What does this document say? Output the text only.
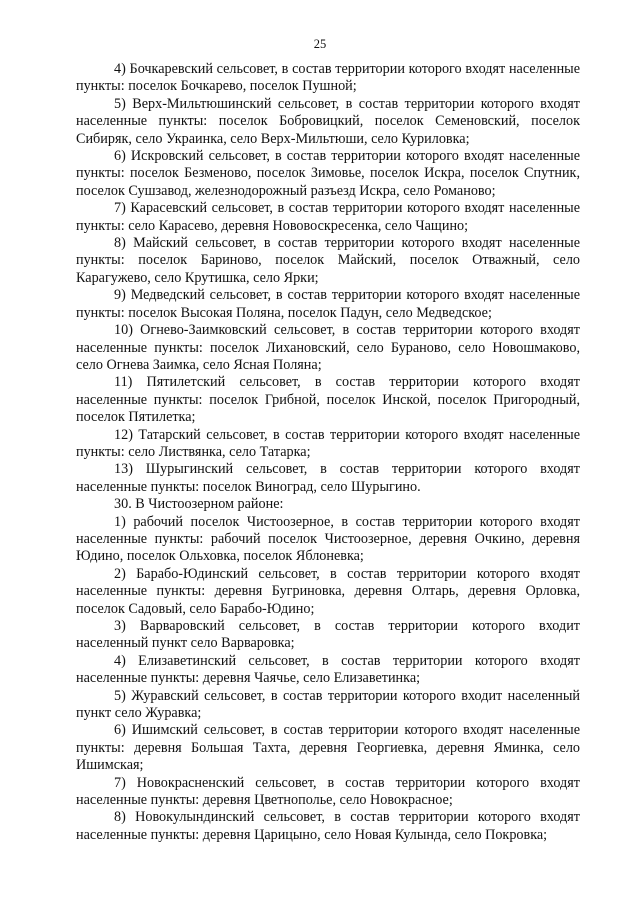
25

4) Бочкаревский сельсовет, в состав территории которого входят населенные пункты: поселок Бочкарево, поселок Пушной;

5) Верх-Мильтюшинский сельсовет, в состав территории которого входят населенные пункты: поселок Бобровицкий, поселок Семеновский, поселок Сибиряк, село Украинка, село Верх-Мильтюши, село Куриловка;

6) Искровский сельсовет, в состав территории которого входят населенные пункты: поселок Безменово, поселок Зимовье, поселок Искра, поселок Спутник, поселок Сушзавод, железнодорожный разъезд Искра, село Романово;

7) Карасевский сельсовет, в состав территории которого входят населенные пункты: село Карасево, деревня Нововоскресенка, село Чащино;

8) Майский сельсовет, в состав территории которого входят населенные пункты: поселок Бариново, поселок Майский, поселок Отважный, село Карагужево, село Крутишка, село Ярки;

9) Медведский сельсовет, в состав территории которого входят населенные пункты: поселок Высокая Поляна, поселок Падун, село Медведское;

10) Огнево-Заимковский сельсовет, в состав территории которого входят населенные пункты: поселок Лихановский, село Бураново, село Новошмаково, село Огнева Заимка, село Ясная Поляна;

11) Пятилетский сельсовет, в состав территории которого входят населенные пункты: поселок Грибной, поселок Инской, поселок Пригородный, поселок Пятилетка;

12) Татарский сельсовет, в состав территории которого входят населенные пункты: село Листвянка, село Татарка;

13) Шурыгинский сельсовет, в состав территории которого входят населенные пункты: поселок Виноград, село Шурыгино.

30. В Чистоозерном районе:

1) рабочий поселок Чистоозерное, в состав территории которого входят населенные пункты: рабочий поселок Чистоозерное, деревня Очкино, деревня Юдино, поселок Ольховка, поселок Яблоневка;

2) Барабо-Юдинский сельсовет, в состав территории которого входят населенные пункты: деревня Бугриновка, деревня Олтарь, деревня Орловка, поселок Садовый, село Барабо-Юдино;

3) Варваровский сельсовет, в состав территории которого входит населенный пункт село Варваровка;

4) Елизаветинский сельсовет, в состав территории которого входят населенные пункты: деревня Чаячье, село Елизаветинка;

5) Журавский сельсовет, в состав территории которого входит населенный пункт село Журавка;

6) Ишимский сельсовет, в состав территории которого входят населенные пункты: деревня Большая Тахта, деревня Георгиевка, деревня Яминка, село Ишимская;

7) Новокрасненский сельсовет, в состав территории которого входят населенные пункты: деревня Цветнополье, село Новокрасное;

8) Новокулындинский сельсовет, в состав территории которого входят населенные пункты: деревня Царицыно, село Новая Кулында, село Покровка;
